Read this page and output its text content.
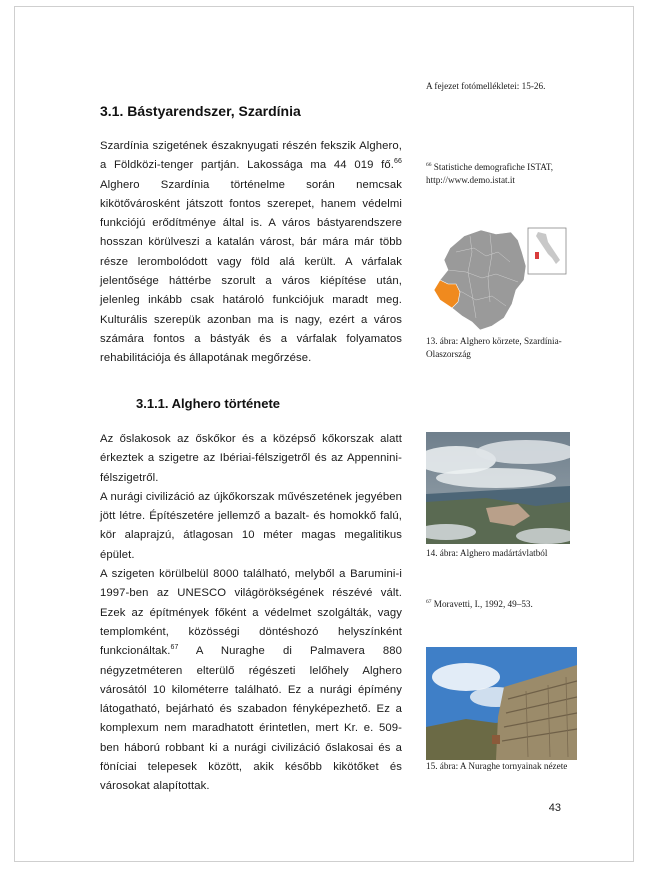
A fejezet fotómellékletei: 15-26.
3.1. Bástyarendszer, Szardínia

Szardínia szigetének északnyugati részén fekszik Alghero, a Földközi-tenger partján. Lakossága ma 44 019 fő.$^{66}$ Alghero Szardínia történelme során nemcsak kikötővárosként játszott fontos szerepet, hanem védelmi funkciójú erődítménye által is. A város bástyarendszere hosszan körülveszi a katalán várost, bár mára már több része lerombolódott vagy föld alá került. A várfalak jelentősége háttérbe szorult a város kiépítése után, jelenleg inkább csak határoló funkciójuk maradt meg. Kulturális szerepük azonban ma is nagy, ezért a város számára fontos a bástyák és a várfalak folyamatos rehabilitációja és állapotának megőrzése.

$^{66}$ Statistiche demografiche ISTAT, http://www.demo.istat.it
13. ábra: Alghero körzete, Szardínia-Olaszország
3.1.1. Alghero története

Az őslakosok az őskőkor és a középső kőkorszak alatt érkeztek a szigetre az Ibériai-félszigetről és az Appennini-félszigetről.

A nurági civilizáció az újkőkorszak művészetének jegyében jött létre. Építészetére jellemző a bazalt- és homokkő falú, kör alaprajzú, átlagosan 10 méter magas megalitikus épület.

A szigeten körülbelül 8000 található, melyből a Barumini-i 1997-ben az UNESCO világörökségének részévé vált. Ezek az építmények főként a védelmet szolgálták, vagy templomként, közösségi döntéshozó helyszínként funkcionáltak.$^{67}$ A Nuraghe di Palmavera 880 négyzetméteren elterülő régészeti lelőhely Alghero városától 10 kilométerre található. Ez a nurági épímény látogatható, bejárható és szabadon fényképezhető. Ez a komplexum nem maradhatott érintetlen, mert Kr. e. 509-ben háború robbant ki a nurági civilizáció őslakosai és a föníciai telepesek között, akik később kikötőket és városokat alapítottak.

14. ábra: Alghero madártávlatból
$^{67}$ Moravetti, I., 1992, 49–53.
15. ábra: A Nuraghe tornyainak nézete
43
